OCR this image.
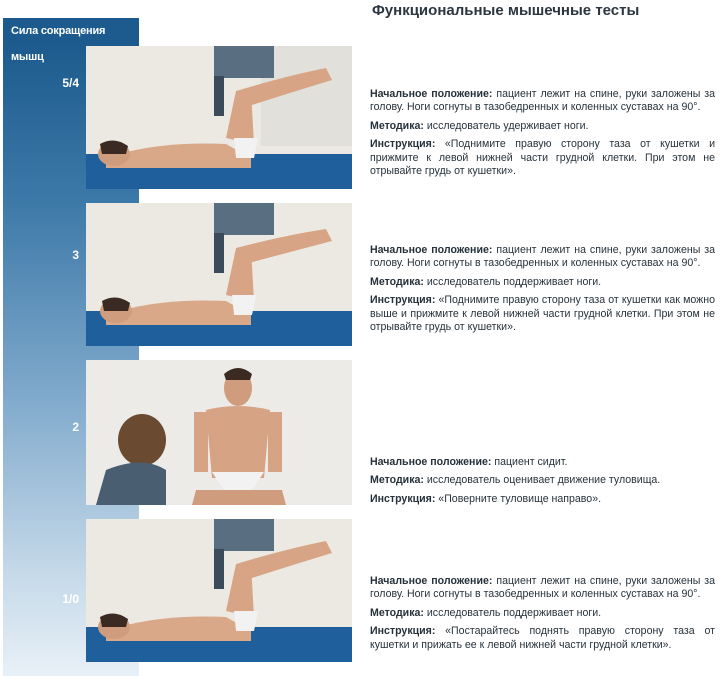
Сила сокращения мышц
Функциональные мышечные тесты
5/4
3
2
1/0

Начальное положение: пациент лежит на спине, руки заложены за голову. Ноги согнуты в тазобедренных и коленных суставах на 90°.

Методика: исследователь удерживает ноги.

Инструкция: «Поднимите правую сторону таза от кушетки и прижмите к левой нижней части грудной клетки. При этом не отрывайте грудь от кушетки».

Начальное положение: пациент лежит на спине, руки заложены за голову. Ноги согнуты в тазобедренных и коленных суставах на 90°.

Методика: исследователь поддерживает ноги.

Инструкция: «Поднимите правую сторону таза от кушетки как можно выше и прижмите к левой нижней части грудной клетки. При этом не отрывайте грудь от кушетки».

Начальное положение: пациент сидит.

Методика: исследователь оценивает движение туловища.

Инструкция: «Поверните туловище направо».

Начальное положение: пациент лежит на спине, руки заложены за голову. Ноги согнуты в тазобедренных и коленных суставах на 90°.

Методика: исследователь поддерживает ноги.

Инструкция: «Постарайтесь поднять правую сторону таза от кушетки и прижать ее к левой нижней части грудной клетки».
